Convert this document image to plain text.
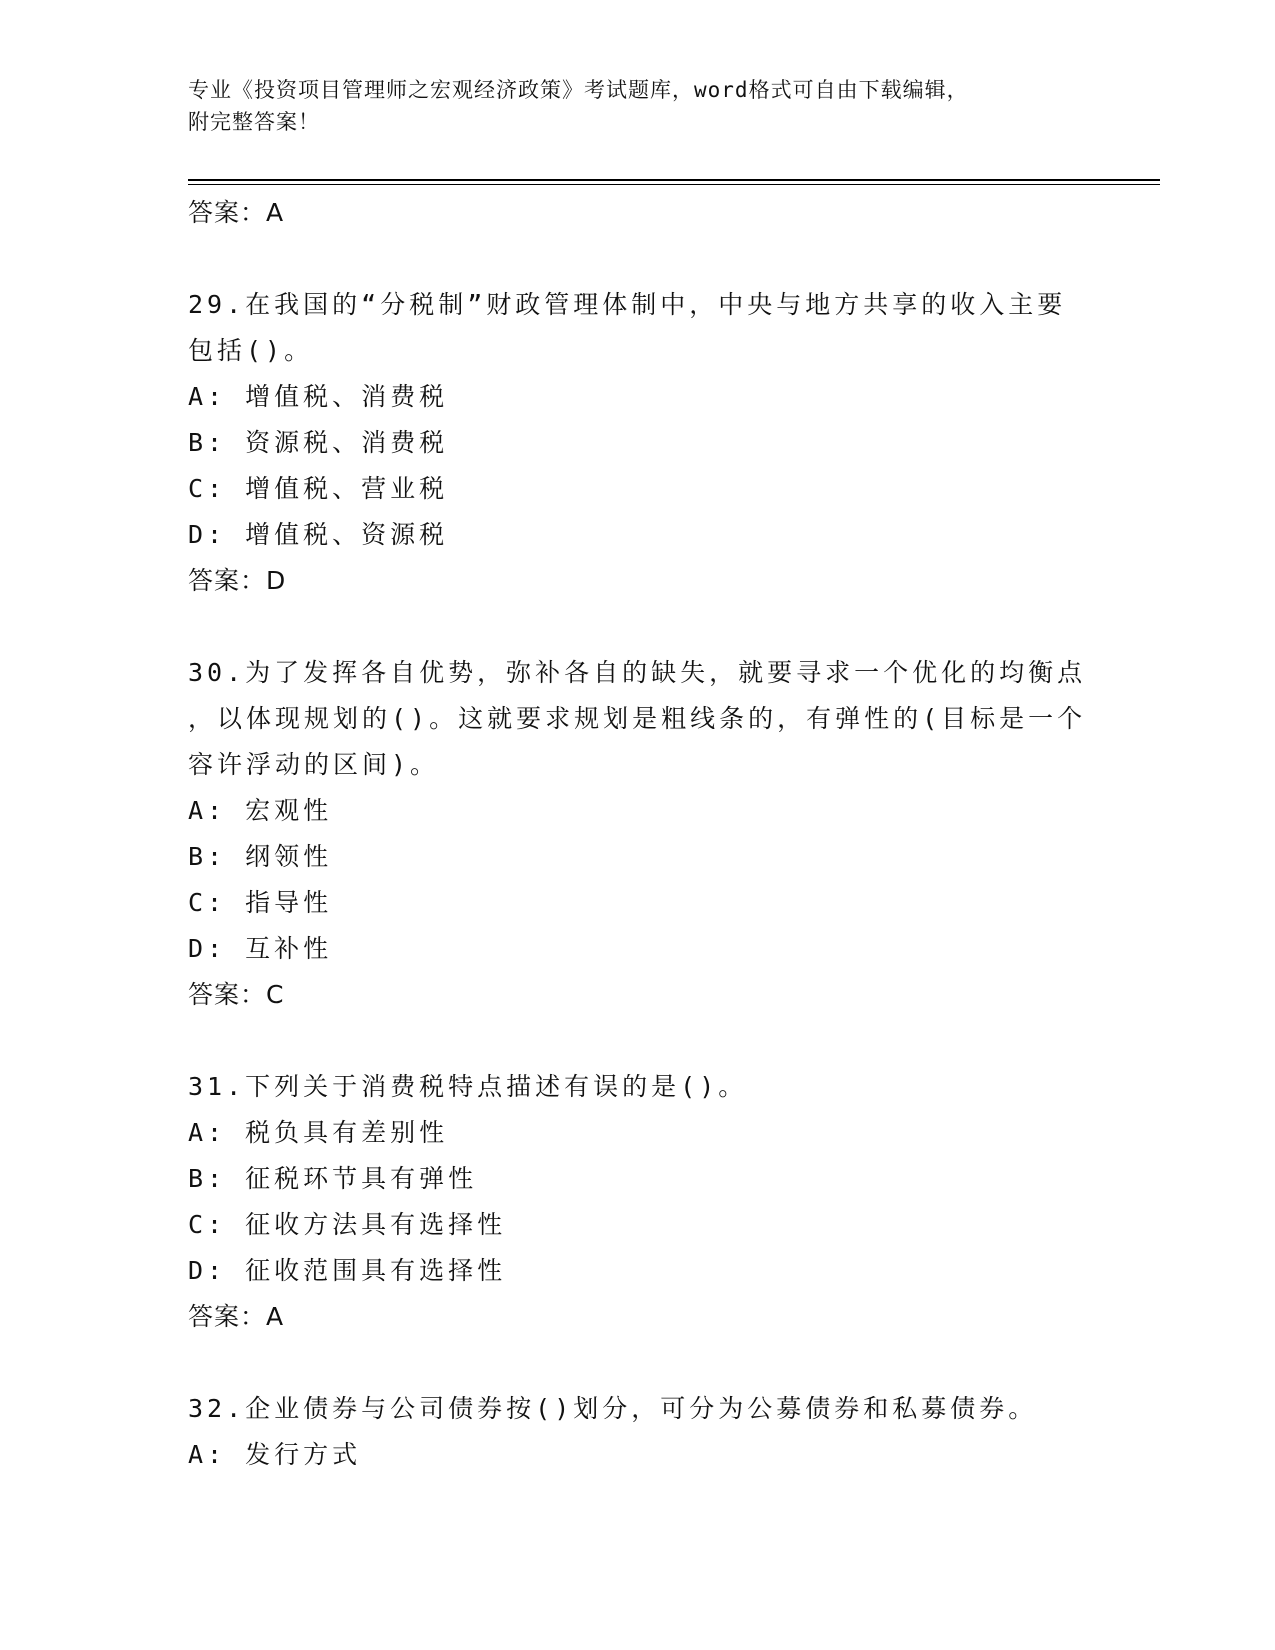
专业《投资项目管理师之宏观经济政策》考试题库，word格式可自由下载编辑，
附完整答案！
答案：A
29.在我国的“分税制”财政管理体制中，中央与地方共享的收入主要
包括()。
A: 增值税、消费税
B: 资源税、消费税
C: 增值税、营业税
D: 增值税、资源税
答案：D
30.为了发挥各自优势，弥补各自的缺失，就要寻求一个优化的均衡点
，以体现规划的()。这就要求规划是粗线条的，有弹性的(目标是一个
容许浮动的区间)。
A: 宏观性
B: 纲领性
C: 指导性
D: 互补性
答案：C
31.下列关于消费税特点描述有误的是()。
A: 税负具有差别性
B: 征税环节具有弹性
C: 征收方法具有选择性
D: 征收范围具有选择性
答案：A
32.企业债券与公司债券按()划分，可分为公募债券和私募债券。
A: 发行方式
